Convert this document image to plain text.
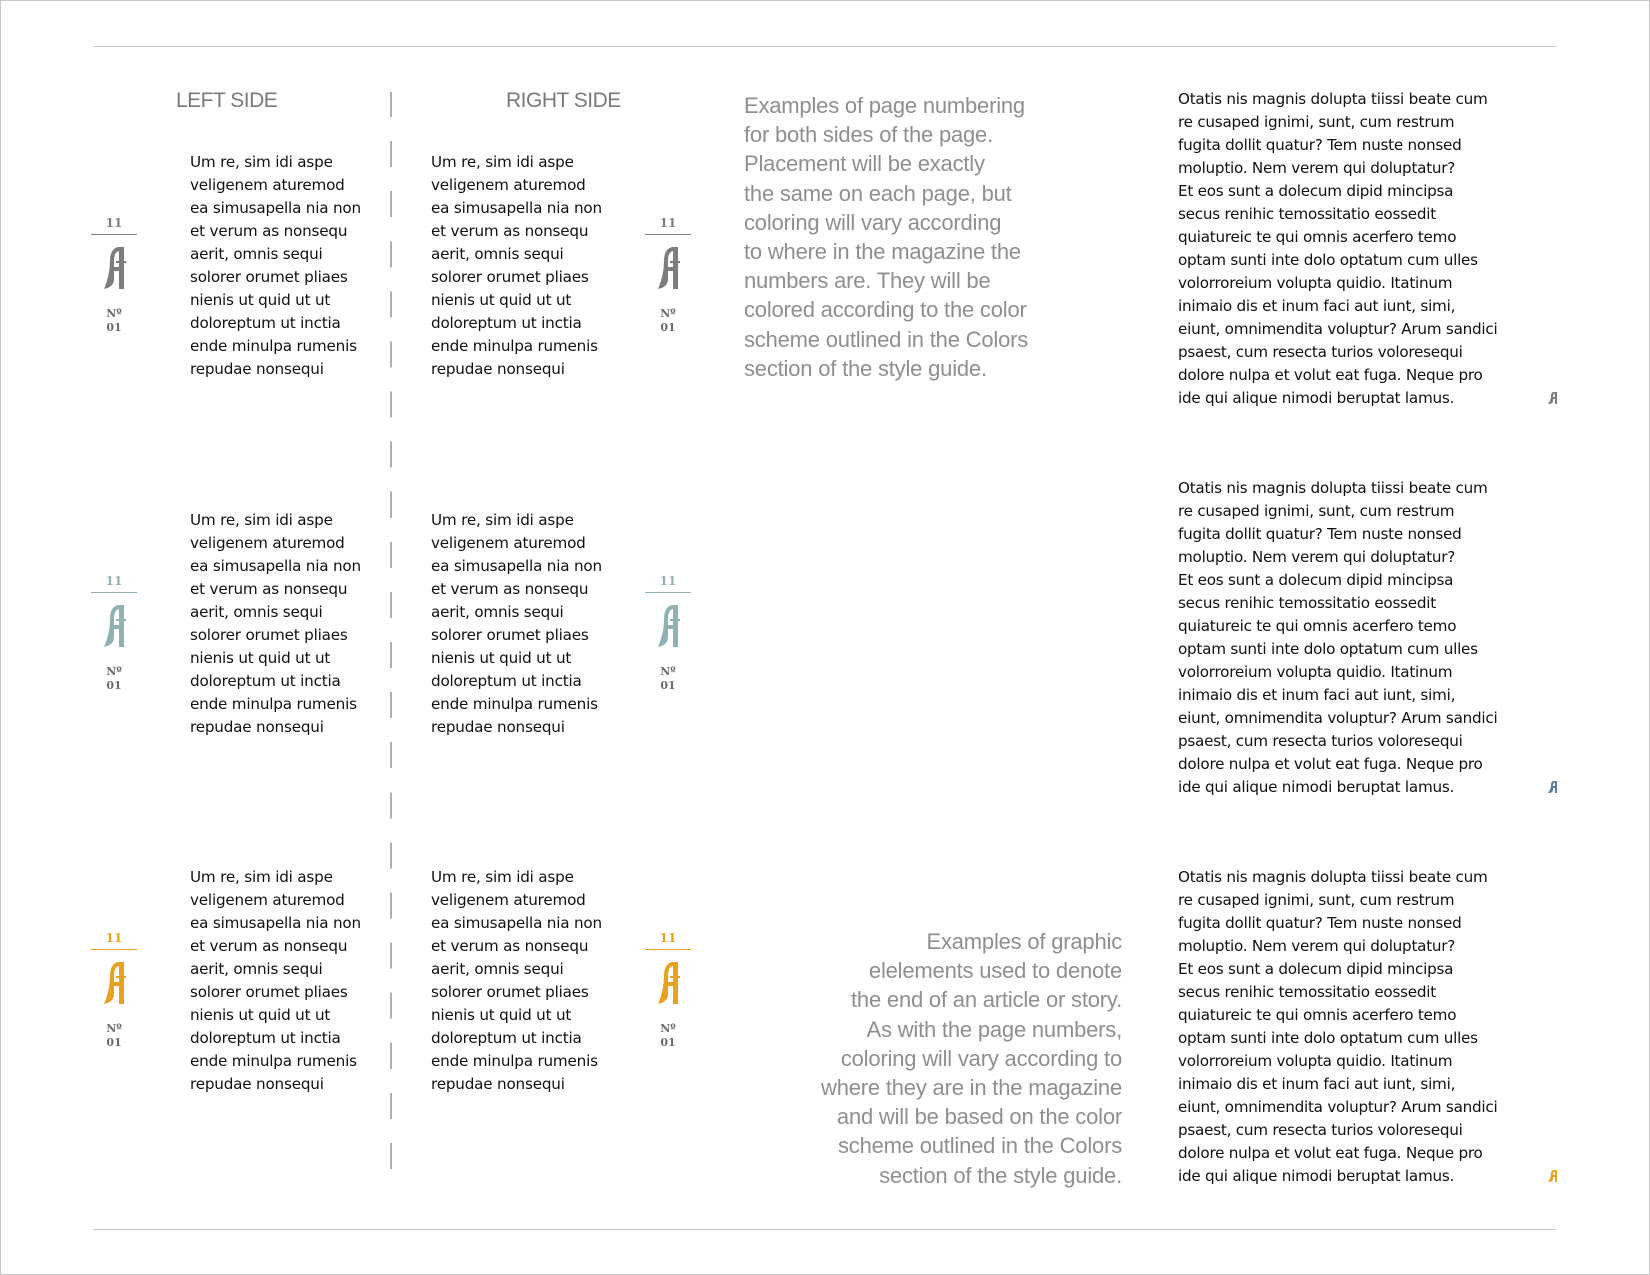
LEFT SIDE	RIGHT SIDE
11
Nº
01
Um re, sim idi aspe
veligenem aturemod
ea simusapella nia non
et verum as nonsequ
aerit, omnis sequi
solorer orumet pliaes
nienis ut quid ut ut
doloreptum ut inctia
ende minulpa rumenis
repudae nonsequi
Um re, sim idi aspe
veligenem aturemod
ea simusapella nia non
et verum as nonsequ
aerit, omnis sequi
solorer orumet pliaes
nienis ut quid ut ut
doloreptum ut inctia
ende minulpa rumenis
repudae nonsequi
11
Nº
01
11
Nº
01
Um re, sim idi aspe
veligenem aturemod
ea simusapella nia non
et verum as nonsequ
aerit, omnis sequi
solorer orumet pliaes
nienis ut quid ut ut
doloreptum ut inctia
ende minulpa rumenis
repudae nonsequi
Um re, sim idi aspe
veligenem aturemod
ea simusapella nia non
et verum as nonsequ
aerit, omnis sequi
solorer orumet pliaes
nienis ut quid ut ut
doloreptum ut inctia
ende minulpa rumenis
repudae nonsequi
11
Nº
01
11
Nº
01
Um re, sim idi aspe
veligenem aturemod
ea simusapella nia non
et verum as nonsequ
aerit, omnis sequi
solorer orumet pliaes
nienis ut quid ut ut
doloreptum ut inctia
ende minulpa rumenis
repudae nonsequi
Um re, sim idi aspe
veligenem aturemod
ea simusapella nia non
et verum as nonsequ
aerit, omnis sequi
solorer orumet pliaes
nienis ut quid ut ut
doloreptum ut inctia
ende minulpa rumenis
repudae nonsequi
11
Nº
01
Examples of page numbering
for both sides of the page.
Placement will be exactly
the same on each page, but
coloring will vary according
to where in the magazine the
numbers are. They will be
colored according to the color
scheme outlined in the Colors
section of the style guide.
Examples of graphic
elelements used to denote
the end of an article or story.
As with the page numbers,
coloring will vary according to
where they are in the magazine
and will be based on the color
scheme outlined in the Colors
section of the style guide.
Otatis nis magnis dolupta tiissi beate cum
re cusaped ignimi, sunt, cum restrum
fugita dollit quatur? Tem nuste nonsed
moluptio. Nem verem qui doluptatur?
Et eos sunt a dolecum dipid mincipsa
secus renihic temossitatio eossedit
quiatureic te qui omnis acerfero temo
optam sunti inte dolo optatum cum ulles
volorroreium volupta quidio. Itatinum
inimaio dis et inum faci aut iunt, simi,
eiunt, omnimendita voluptur? Arum sandici
psaest, cum resecta turios voloresequi
dolore nulpa et volut eat fuga. Neque pro
ide qui alique nimodi beruptat lamus.
Otatis nis magnis dolupta tiissi beate cum
re cusaped ignimi, sunt, cum restrum
fugita dollit quatur? Tem nuste nonsed
moluptio. Nem verem qui doluptatur?
Et eos sunt a dolecum dipid mincipsa
secus renihic temossitatio eossedit
quiatureic te qui omnis acerfero temo
optam sunti inte dolo optatum cum ulles
volorroreium volupta quidio. Itatinum
inimaio dis et inum faci aut iunt, simi,
eiunt, omnimendita voluptur? Arum sandici
psaest, cum resecta turios voloresequi
dolore nulpa et volut eat fuga. Neque pro
ide qui alique nimodi beruptat lamus.
Otatis nis magnis dolupta tiissi beate cum
re cusaped ignimi, sunt, cum restrum
fugita dollit quatur? Tem nuste nonsed
moluptio. Nem verem qui doluptatur?
Et eos sunt a dolecum dipid mincipsa
secus renihic temossitatio eossedit
quiatureic te qui omnis acerfero temo
optam sunti inte dolo optatum cum ulles
volorroreium volupta quidio. Itatinum
inimaio dis et inum faci aut iunt, simi,
eiunt, omnimendita voluptur? Arum sandici
psaest, cum resecta turios voloresequi
dolore nulpa et volut eat fuga. Neque pro
ide qui alique nimodi beruptat lamus.
